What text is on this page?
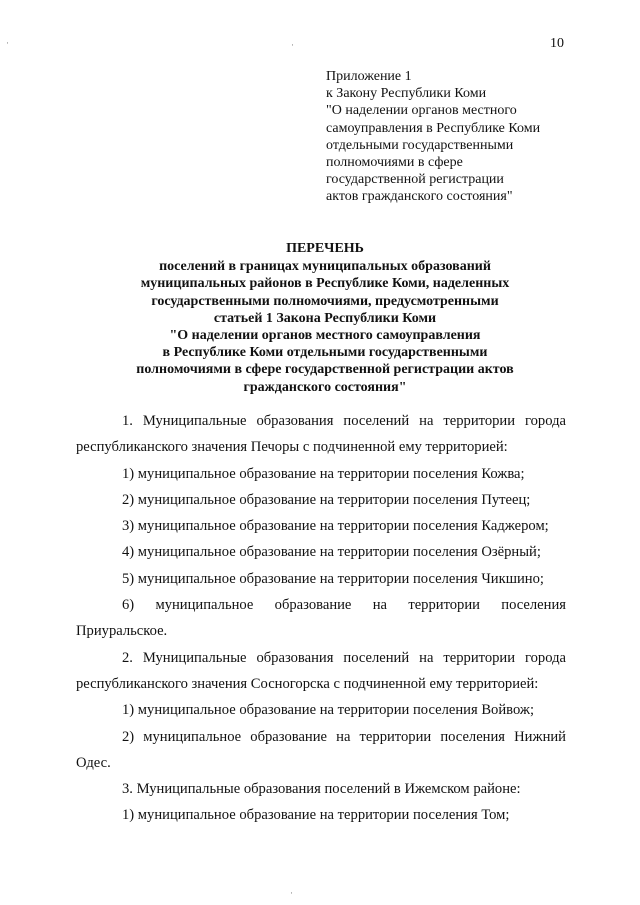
10
Приложение 1
к Закону Республики Коми
"О наделении органов местного
самоуправления в Республике Коми
отдельными государственными
полномочиями в сфере
государственной регистрации
актов гражданского состояния"
ПЕРЕЧЕНЬ
поселений в границах муниципальных образований
муниципальных районов в Республике Коми, наделенных
государственными полномочиями, предусмотренными
статьей 1 Закона Республики Коми
"О наделении органов местного самоуправления
в Республике Коми отдельными государственными
полномочиями в сфере государственной регистрации актов
гражданского состояния"
1. Муниципальные образования поселений на территории города республиканского значения Печоры с подчиненной ему территорией:
1) муниципальное образование на территории поселения Кожва;
2) муниципальное образование на территории поселения Путеец;
3) муниципальное образование на территории поселения Каджером;
4) муниципальное образование на территории поселения Озёрный;
5) муниципальное образование на территории поселения Чикшино;
6) муниципальное образование на территории поселения
Приуральское.
2. Муниципальные образования поселений на территории города республиканского значения Сосногорска с подчиненной ему территорией:
1) муниципальное образование на территории поселения Войвож;
2) муниципальное образование на территории поселения Нижний
Одес.
3. Муниципальные образования поселений в Ижемском районе:
1) муниципальное образование на территории поселения Том;
·	·
·
